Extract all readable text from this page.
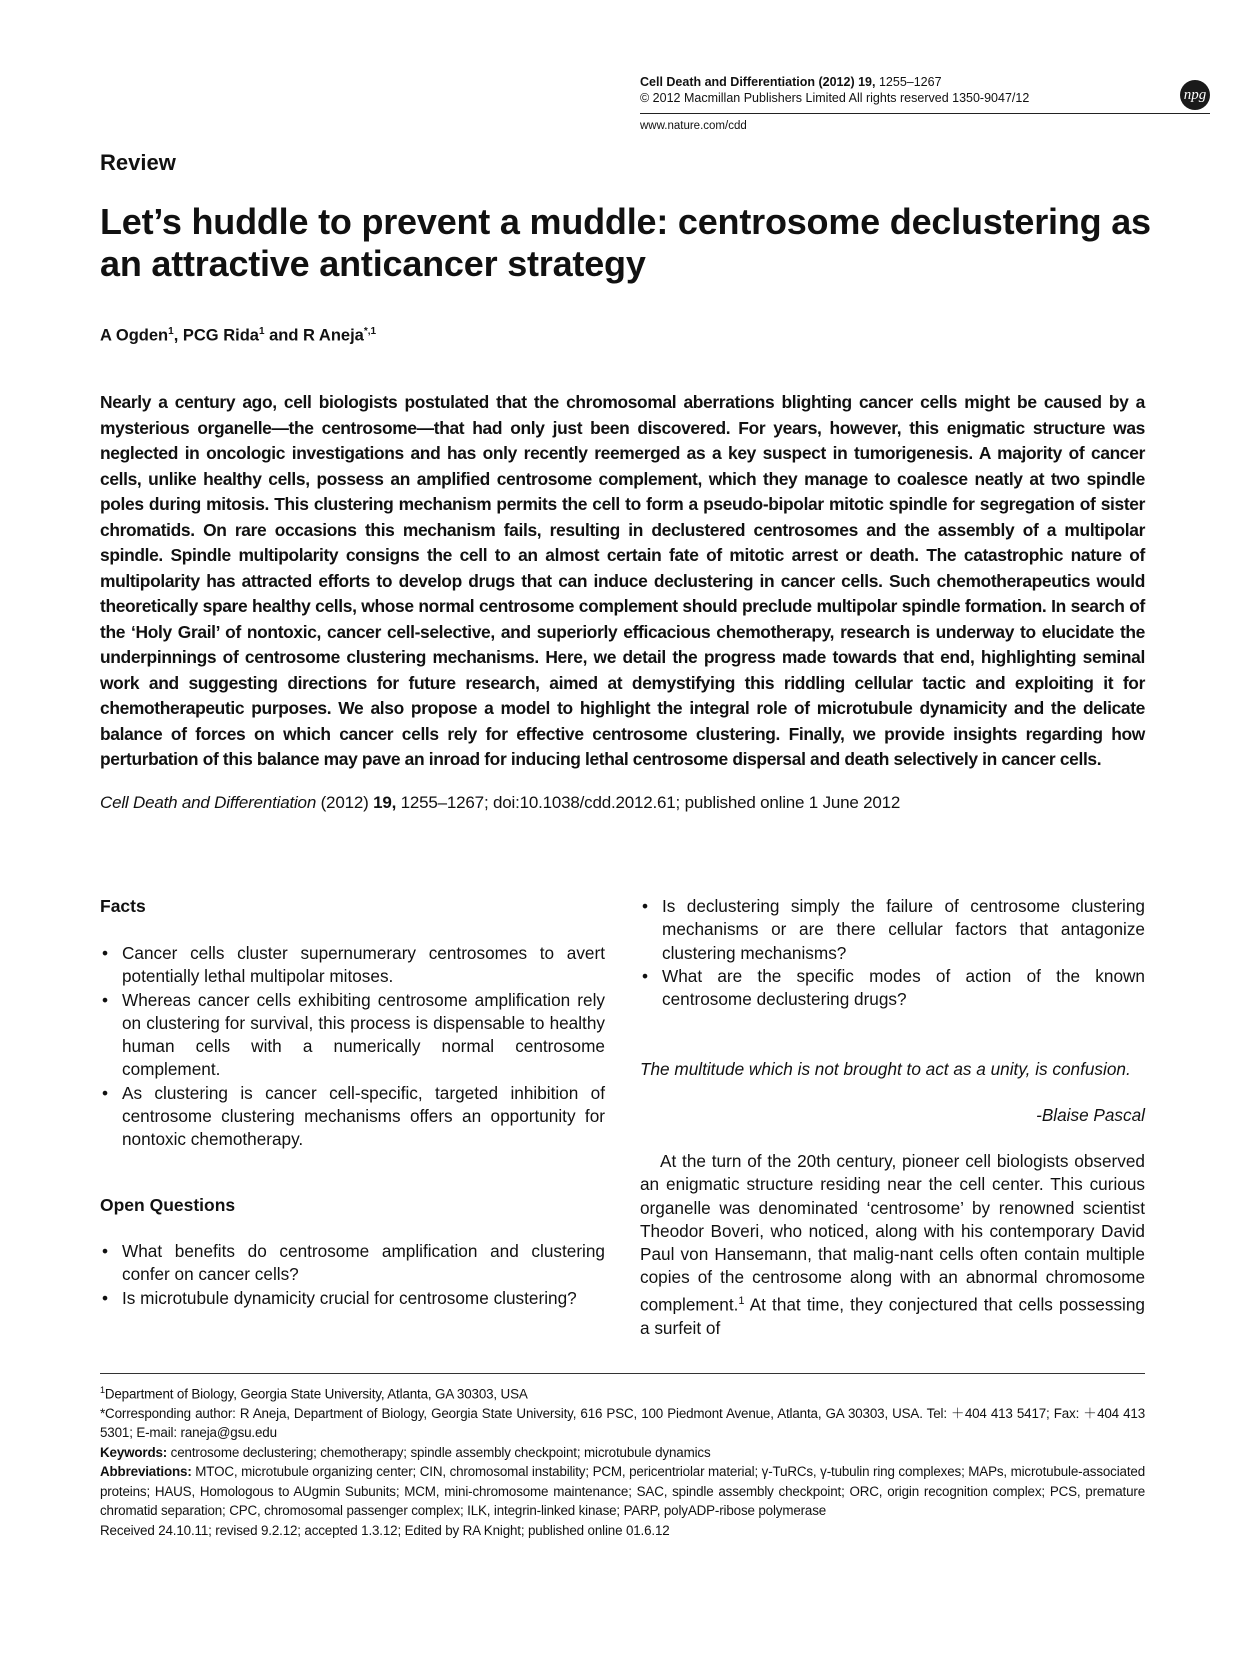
Cell Death and Differentiation (2012) 19, 1255–1267
© 2012 Macmillan Publishers Limited All rights reserved 1350-9047/12
www.nature.com/cdd
npg
Review
Let’s huddle to prevent a muddle: centrosome declustering as an attractive anticancer strategy
A Ogden$^1$, PCG Rida$^1$ and R Aneja$^{*,1}$

Nearly a century ago, cell biologists postulated that the chromosomal aberrations blighting cancer cells might be caused by a mysterious organelle—the centrosome—that had only just been discovered. For years, however, this enigmatic structure was neglected in oncologic investigations and has only recently reemerged as a key suspect in tumorigenesis. A majority of cancer cells, unlike healthy cells, possess an amplified centrosome complement, which they manage to coalesce neatly at two spindle poles during mitosis. This clustering mechanism permits the cell to form a pseudo-bipolar mitotic spindle for segregation of sister chromatids. On rare occasions this mechanism fails, resulting in declustered centrosomes and the assembly of a multipolar spindle. Spindle multipolarity consigns the cell to an almost certain fate of mitotic arrest or death. The catastrophic nature of multipolarity has attracted efforts to develop drugs that can induce declustering in cancer cells. Such chemotherapeutics would theoretically spare healthy cells, whose normal centrosome complement should preclude multipolar spindle formation. In search of the ‘Holy Grail’ of nontoxic, cancer cell-selective, and superiorly efficacious chemotherapy, research is underway to elucidate the underpinnings of centrosome clustering mechanisms. Here, we detail the progress made towards that end, highlighting seminal work and suggesting directions for future research, aimed at demystifying this riddling cellular tactic and exploiting it for chemotherapeutic purposes. We also propose a model to highlight the integral role of microtubule dynamicity and the delicate balance of forces on which cancer cells rely for effective centrosome clustering. Finally, we provide insights regarding how perturbation of this balance may pave an inroad for inducing lethal centrosome dispersal and death selectively in cancer cells.

Cell Death and Differentiation (2012) 19, 1255–1267; doi:10.1038/cdd.2012.61; published online 1 June 2012
Facts
• Cancer cells cluster supernumerary centrosomes to avert potentially lethal multipolar mitoses.
• Whereas cancer cells exhibiting centrosome amplification rely on clustering for survival, this process is dispensable to healthy human cells with a numerically normal centrosome complement.
• As clustering is cancer cell-specific, targeted inhibition of centrosome clustering mechanisms offers an opportunity for nontoxic chemotherapy.
Open Questions
• What benefits do centrosome amplification and clustering confer on cancer cells?
• Is microtubule dynamicity crucial for centrosome clustering?
• Is declustering simply the failure of centrosome clustering mechanisms or are there cellular factors that antagonize clustering mechanisms?
• What are the specific modes of action of the known centrosome declustering drugs?
The multitude which is not brought to act as a unity, is confusion.
-Blaise Pascal

At the turn of the 20th century, pioneer cell biologists observed an enigmatic structure residing near the cell center. This curious organelle was denominated ‘centrosome’ by renowned scientist Theodor Boveri, who noticed, along with his contemporary David Paul von Hansemann, that malig-nant cells often contain multiple copies of the centrosome along with an abnormal chromosome complement.$^1$ At that time, they conjectured that cells possessing a surfeit of

$^1$Department of Biology, Georgia State University, Atlanta, GA 30303, USA

*Corresponding author: R Aneja, Department of Biology, Georgia State University, 616 PSC, 100 Piedmont Avenue, Atlanta, GA 30303, USA. Tel: ＋404 413 5417; Fax: ＋404 413 5301; E-mail: raneja@gsu.edu

Keywords: centrosome declustering; chemotherapy; spindle assembly checkpoint; microtubule dynamics

Abbreviations: MTOC, microtubule organizing center; CIN, chromosomal instability; PCM, pericentriolar material; γ-TuRCs, γ-tubulin ring complexes; MAPs, microtubule-associated proteins; HAUS, Homologous to AUgmin Subunits; MCM, mini-chromosome maintenance; SAC, spindle assembly checkpoint; ORC, origin recognition complex; PCS, premature chromatid separation; CPC, chromosomal passenger complex; ILK, integrin-linked kinase; PARP, polyADP-ribose polymerase

Received 24.10.11; revised 9.2.12; accepted 1.3.12; Edited by RA Knight; published online 01.6.12
